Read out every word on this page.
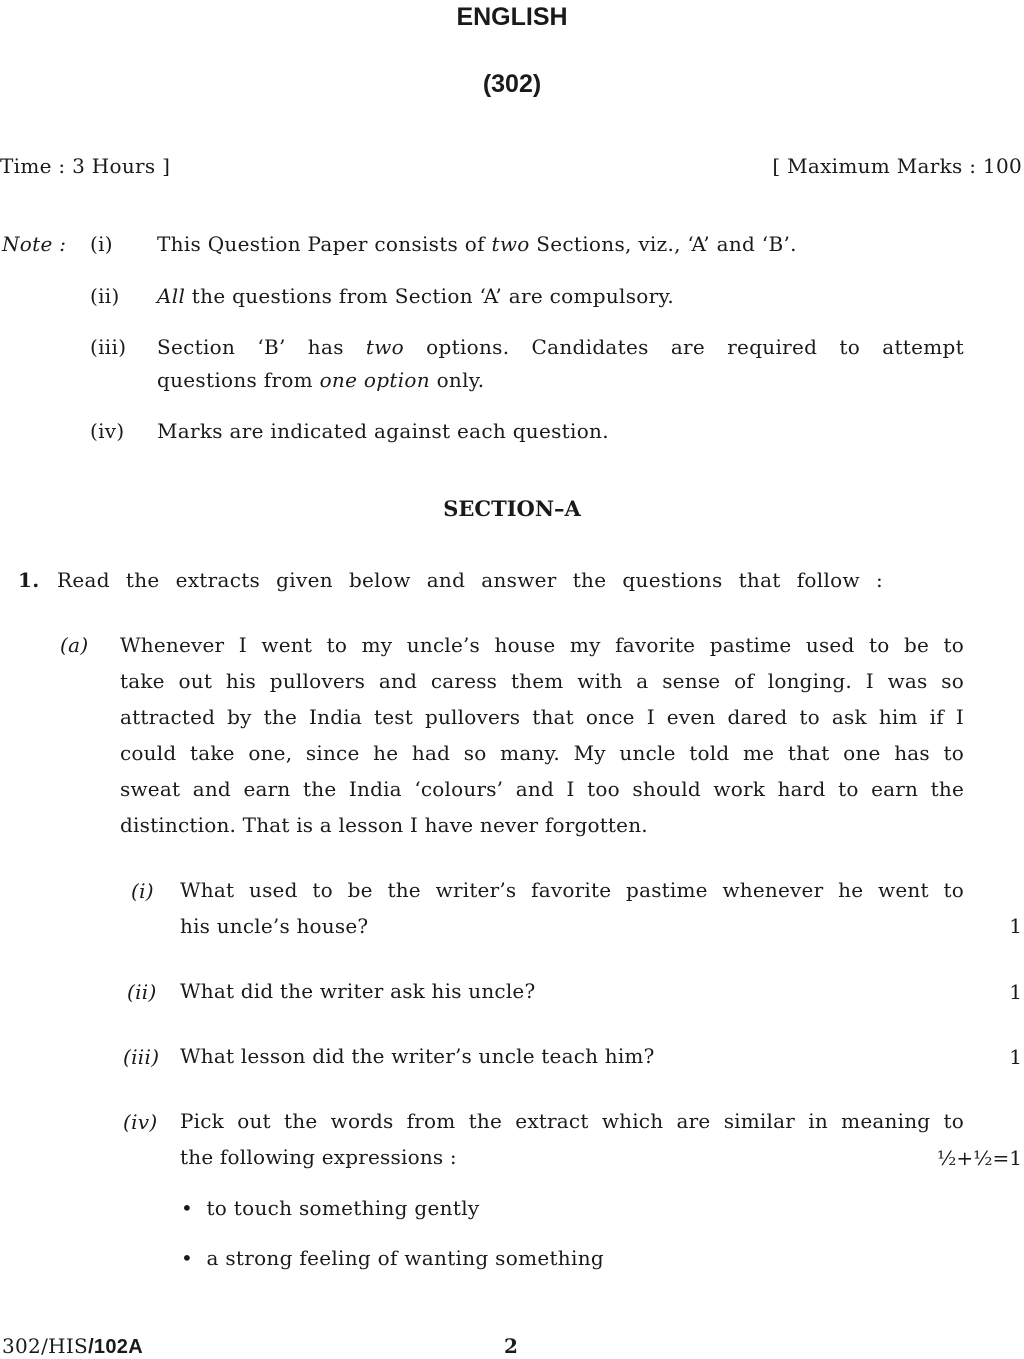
ENGLISH
(302)
Time : 3 Hours ]	[ Maximum Marks : 100
Note : (i) This Question Paper consists of two Sections, viz., ‘A’ and ‘B’.
(ii) All the questions from Section ‘A’ are compulsory.
(iii) Section ‘B’ has two options. Candidates are required to attempt
questions from one option only.
(iv) Marks are indicated against each question.
SECTION–A
1. Read the extracts given below and answer the questions that follow :
(a) Whenever I went to my uncle’s house my favorite pastime used to be to
take out his pullovers and caress them with a sense of longing. I was so
attracted by the India test pullovers that once I even dared to ask him if I
could take one, since he had so many. My uncle told me that one has to
sweat and earn the India ‘colours’ and I too should work hard to earn the
distinction. That is a lesson I have never forgotten.
(i) What used to be the writer’s favorite pastime whenever he went to
his uncle’s house?	1
(ii) What did the writer ask his uncle?	1
(iii) What lesson did the writer’s uncle teach him?	1
(iv) Pick out the words from the extract which are similar in meaning to
the following expressions :	½+½=1
• to touch something gently
• a strong feeling of wanting something
302/HIS/102A	2
